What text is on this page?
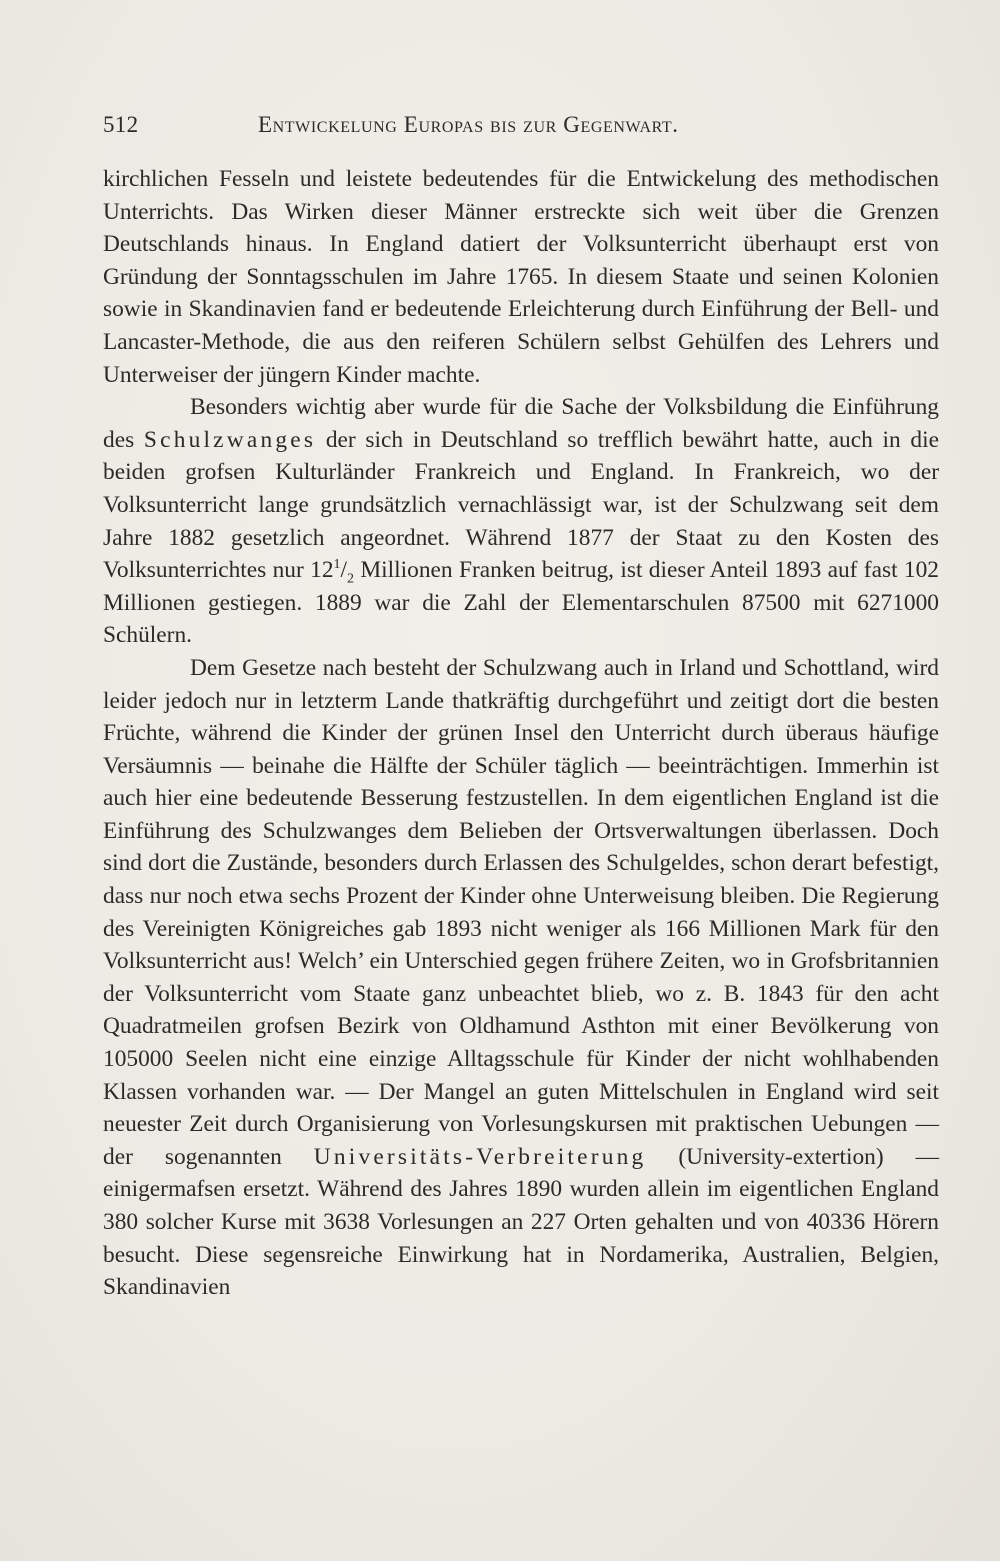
512	Entwickelung Europas bis zur Gegenwart.

kirchlichen Fesseln und leistete bedeutendes für die Entwickelung des methodischen Unterrichts. Das Wirken dieser Männer erstreckte sich weit über die Grenzen Deutschlands hinaus. In England datiert der Volksunterricht überhaupt erst von Gründung der Sonntagsschulen im Jahre 1765. In diesem Staate und seinen Kolonien sowie in Skandinavien fand er bedeutende Erleichterung durch Einführung der Bell- und Lancaster-Methode, die aus den reiferen Schülern selbst Gehülfen des Lehrers und Unterweiser der jüngern Kinder machte.

Besonders wichtig aber wurde für die Sache der Volksbildung die Einführung des Schulzwanges der sich in Deutschland so trefflich bewährt hatte, auch in die beiden grofsen Kulturländer Frankreich und England. In Frankreich, wo der Volksunterricht lange grundsätzlich vernachlässigt war, ist der Schulzwang seit dem Jahre 1882 gesetzlich angeordnet. Während 1877 der Staat zu den Kosten des Volksunterrichtes nur $12^1/_2$ Millionen Franken beitrug, ist dieser Anteil 1893 auf fast 102 Millionen gestiegen. 1889 war die Zahl der Elementarschulen 87500 mit 6271000 Schülern.

Dem Gesetze nach besteht der Schulzwang auch in Irland und Schottland, wird leider jedoch nur in letzterm Lande thatkräftig durchgeführt und zeitigt dort die besten Früchte, während die Kinder der grünen Insel den Unterricht durch überaus häufige Versäumnis — beinahe die Hälfte der Schüler täglich — beeinträchtigen. Immerhin ist auch hier eine bedeutende Besserung festzustellen. In dem eigentlichen England ist die Einführung des Schulzwanges dem Belieben der Ortsverwaltungen überlassen. Doch sind dort die Zustände, besonders durch Erlassen des Schulgeldes, schon derart befestigt, dass nur noch etwa sechs Prozent der Kinder ohne Unterweisung bleiben. Die Regierung des Vereinigten Königreiches gab 1893 nicht weniger als 166 Millionen Mark für den Volksunterricht aus! Welch’ ein Unterschied gegen frühere Zeiten, wo in Grofsbritannien der Volksunterricht vom Staate ganz unbeachtet blieb, wo z. B. 1843 für den acht Quadratmeilen grofsen Bezirk von Oldhamund Asthton mit einer Bevölkerung von 105000 Seelen nicht eine einzige Alltagsschule für Kinder der nicht wohlhabenden Klassen vorhanden war. — Der Mangel an guten Mittelschulen in England wird seit neuester Zeit durch Organisierung von Vorlesungskursen mit praktischen Uebungen — der sogenannten Universitäts-Verbreiterung (University-extertion) — einigermafsen ersetzt. Während des Jahres 1890 wurden allein im eigentlichen England 380 solcher Kurse mit 3638 Vorlesungen an 227 Orten gehalten und von 40336 Hörern besucht. Diese segensreiche Einwirkung hat in Nordamerika, Australien, Belgien, Skandinavien
